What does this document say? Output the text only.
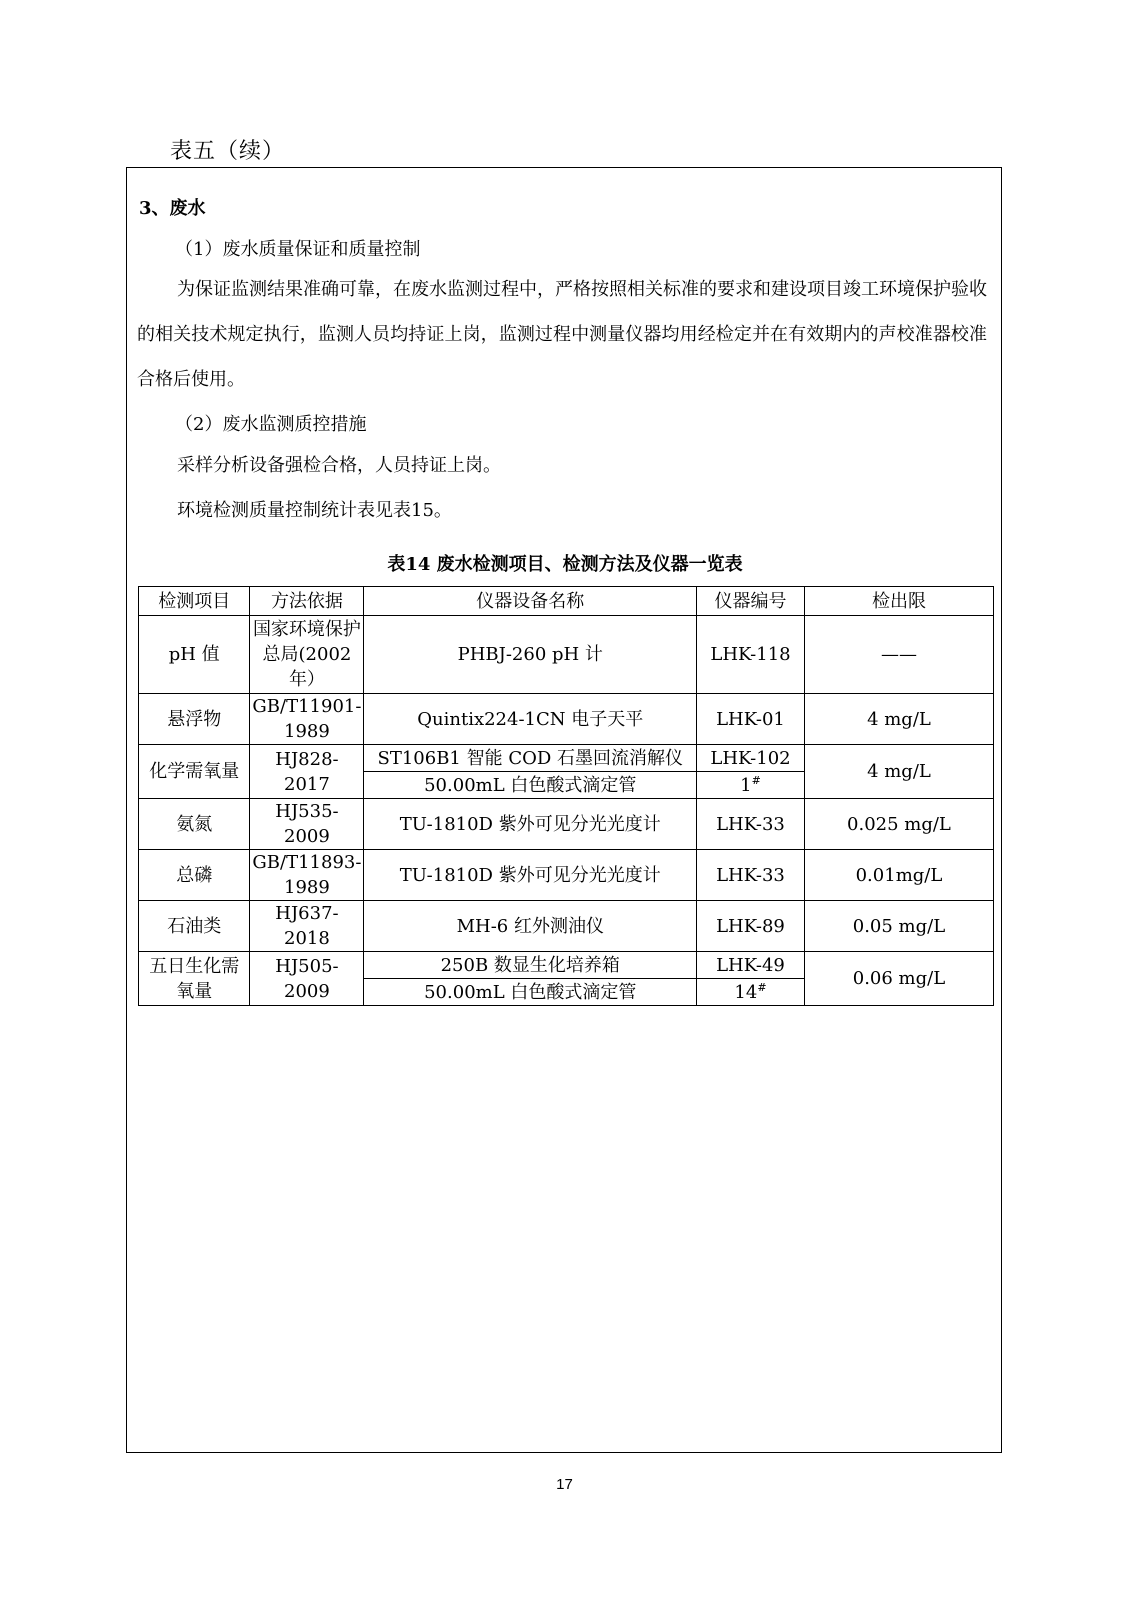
表五（续）
3、废水
（1）废水质量保证和质量控制
为保证监测结果准确可靠，在废水监测过程中，严格按照相关标准的要求和建设项目竣工环境保护验收的相关技术规定执行，监测人员均持证上岗，监测过程中测量仪器均用经检定并在有效期内的声校准器校准合格后使用。
（2）废水监测质控措施
采样分析设备强检合格，人员持证上岗。
环境检测质量控制统计表见表15。
表14 废水检测项目、检测方法及仪器一览表
检测项目	方法依据	仪器设备名称	仪器编号	检出限
pH 值	国家环境保护总局(2002年）	PHBJ-260 pH 计	LHK-118	——
悬浮物	GB/T11901-1989	Quintix224-1CN 电子天平	LHK-01	4 mg/L
化学需氧量	HJ828-2017	ST106B1 智能 COD 石墨回流消解仪	LHK-102	4 mg/L
		50.00mL 白色酸式滴定管	1#
氨氮	HJ535-2009	TU-1810D 紫外可见分光光度计	LHK-33	0.025 mg/L
总磷	GB/T11893-1989	TU-1810D 紫外可见分光光度计	LHK-33	0.01mg/L
石油类	HJ637-2018	MH-6 红外测油仪	LHK-89	0.05 mg/L
五日生化需氧量	HJ505-2009	250B 数显生化培养箱	LHK-49	0.06 mg/L
		50.00mL 白色酸式滴定管	14#
17
